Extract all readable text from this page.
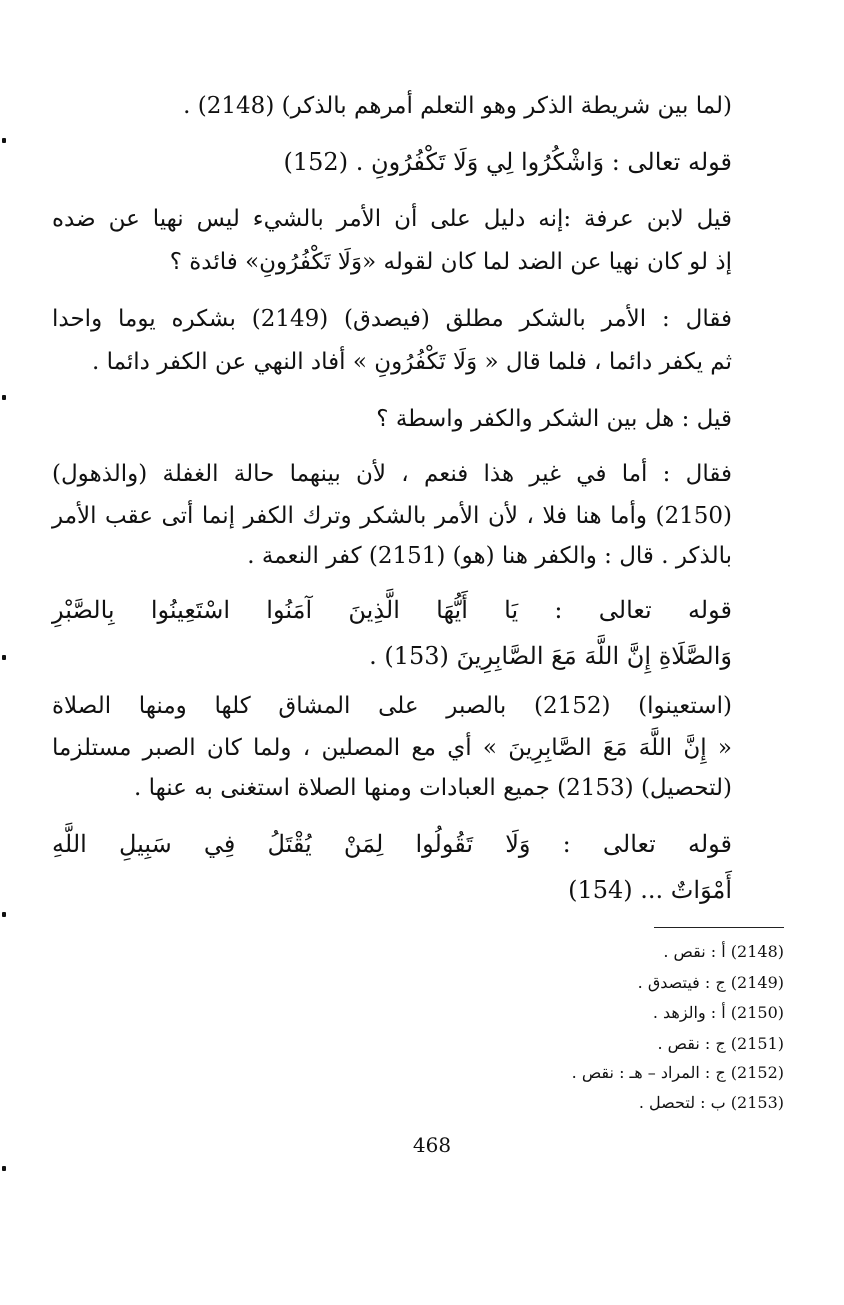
(لما بين شريطة الذكر وهو التعلم أمرهم بالذكر) (2148) .
قوله تعالى : وَاشْكُرُوا لِي وَلَا تَكْفُرُونِ . (152)
قيل لابن عرفة :إنه دليل على أن الأمر بالشيء ليس نهيا عن ضده
إذ لو كان نهيا عن الضد لما كان لقوله «وَلَا تَكْفُرُونِ» فائدة ؟
فقال : الأمر بالشكر مطلق (فيصدق) (2149) بشكره يوما واحدا
ثم يكفر دائما ، فلما قال « وَلَا تَكْفُرُونِ » أفاد النهي عن الكفر دائما .
قيل : هل بين الشكر والكفر واسطة ؟
فقال : أما في غير هذا فنعم ، لأن بينهما حالة الغفلة (والذهول)
(2150) وأما هنا فلا ، لأن الأمر بالشكر وترك الكفر إنما أتى عقب الأمر
بالذكر . قال : والكفر هنا (هو) (2151) كفر النعمة .
قوله تعالى : يَا أَيُّهَا الَّذِينَ آمَنُوا اسْتَعِينُوا بِالصَّبْرِ
وَالصَّلَاةِ إِنَّ اللَّهَ مَعَ الصَّابِرِينَ (153) .
(استعينوا) (2152) بالصبر على المشاق كلها ومنها الصلاة
« إِنَّ اللَّهَ مَعَ الصَّابِرِينَ » أي مع المصلين ، ولما كان الصبر مستلزما
(لتحصيل) (2153) جميع العبادات ومنها الصلاة استغنى به عنها .
قوله تعالى : وَلَا تَقُولُوا لِمَنْ يُقْتَلُ فِي سَبِيلِ اللَّهِ
أَمْوَاتٌ ... (154)
(2148) أ : نقص .
(2149) ج : فيتصدق .
(2150) أ : والزهد .
(2151) ج : نقص .
(2152) ج : المراد – هـ : نقص .
(2153) ب : لتحصل .
468
